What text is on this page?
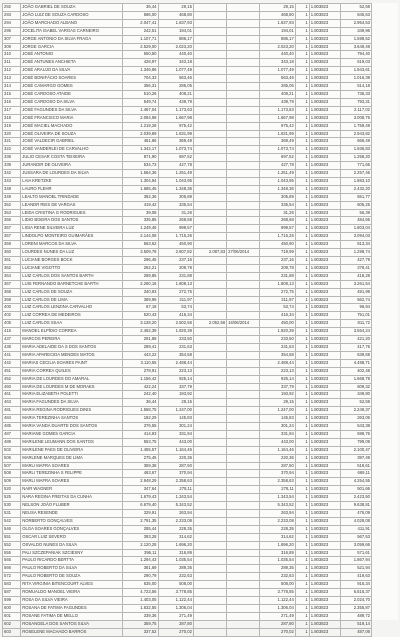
292	JOÃO GABRIEL DE SOUZA	36,44	29,15			29,15	1	1.803823	52,59
293	JOÃO LUIZ DE SOUZA CARDOSO	586,00	468,80			468,80	1	1.803823	845,63
294	JOÃO MARCHADO ALBANO	2.047,41	1.637,93			1.637,93	1	1.803823	2.954,53
295	JOCELITA ISABEL VARGAS CARNEIRO	242,51	194,01			194,01	1	1.803823	349,96
307	JORGE ANTONIO DA SILVA FRAGA	1.107,71	886,17			886,17	1	1.803823	1.598,52
309	JORGE GARCIA	2.529,00	2.023,20			2.023,20	1	1.803823	3.649,49
310	JOSÉ ANTONIO	550,50	440,40			440,40	1	1.803823	794,40
311	JOSÉ ANTUNES ANCHIETA	428,97	343,18			343,18	1	1.803823	619,03
312	JOSÉ ARAUJO DA SILVA	1.346,86	1.077,49			1.077,49	1	1.803823	1.943,61
313	JOSÉ BONIFÁCIO SOARES	704,33	563,46			563,46	1	1.803823	1.016,39
314	JOSÉ CAMARGO GOMES	356,31	285,05			285,05	1	1.803823	514,18
315	JOSÉ CARDOSO ATAIDE	510,26	408,21			408,21	1	1.803823	736,33
316	JOSÉ CARDOSO DA SILVA	549,74	439,79			439,79	1	1.803823	793,31
317	JOSÉ FAGUNDES DA SILVA	1.467,04	1.173,63			1.173,63	1	1.803823	2.117,02
318	JOSÉ FRANCISCO MARIA	2.084,98	1.667,98			1.667,98	1	1.803823	3.008,75
319	JOSÉ MACIEL MACHADO	1.219,28	975,42			975,42	1	1.803823	1.759,49
320	JOSÉ OLIVEIRA DE SOUZA	2.039,89	1.631,99			1.631,99	1	1.803823	2.943,82
321	JOSÉ VALDECIR GABRIEL	461,86	369,49			369,49	1	1.803823	666,49
322	JOSÉ VANDERLEI DE CARVALHO	1.342,17	1.073,74			1.073,74	1	1.803823	1.936,83
338	JULIO CESAR COSTA TEIXEIRA	871,90	697,52			697,52	1	1.803823	1.258,20
339	JURANDIR DE OLIVEIRA	534,73	427,78			427,78	1	1.803823	771,65
342	JUSSARA DE LOURDES DA SILVA	1.564,36	1.251,49			1.251,49	1	1.803823	2.257,46
343	LAIA KRETZKE	1.304,94	1.043,95			1.043,95	1	1.803823	1.883,10
348	LAURO FLEHR	1.685,45	1.348,36			1.348,36	1	1.803823	2.432,20
349	LEALTO MANOEL TRINDADE	382,36	305,89			305,89	1	1.803823	551,77
352	LEANDR REIS DE VARGAS	419,42	335,54			335,54	1	1.803823	605,25
353	LEIDA CRISTINA G RODRIGUES	39,08	31,26			31,26	1	1.803823	56,39
356	LIDIO BOEIRA DOS SANTOS	335,85	268,68			268,68	1	1.803823	484,65
357	LIGIA RENE SILVEIRA LUZ	1.249,46	999,57			999,57	1	1.803823	1.803,04
357	LINDOLPO MONTEIRO GUIMARÃES	2.144,08	1.715,26			1.715,26	1	1.803823	3.094,03
359	LORENI MARCOS DA SILVA	563,62	450,90			450,90	1	1.803823	813,34
360	LOURDES NUNES DA LUZ	3.509,78	2.807,82	2.087,83	27/06/2014	719,99	1	1.803823	1.298,74
361	LUCIANE BORGES BOCK	296,45	237,16			237,16	1	1.803823	427,79
362	LUCIANE VIGOTTO	262,21	209,78			209,78	1	1.803823	378,41
364	LUIZ CARLOS DOS SANTOS BARTH	289,85	231,88			231,88	1	1.803823	418,28
367	LUIS FERNANDO BARNETCHE BARTH	2.260,16	1.808,13			1.808,13	1	1.803823	3.261,54
368	LUIZ CARLOS DE SOUZA	340,93	272,75			272,75	1	1.803823	491,99
369	LUIZ CARLOS DE LIMA	389,96	311,97			311,97	1	1.803823	562,74
400	LUIZ CARLOS LENZINA CARVALHO	67,18	53,74			53,74	1	1.803823	96,94
402	LUIZ CORREA DE MEDEIROS	520,43	416,34			416,34	1	1.803823	751,01
405	LUIZ CARLOS SSAA	3.128,20	2.502,56	2.052,56	16/06/2014	450,00	1	1.803823	811,72
415	MANOEL ELPÍDIO CORREA	2.462,39	1.920,39			1.920,39	1	1.803823	3.554,24
437	MARCOS PEREIRA	291,88	233,50			233,50	1	1.803823	421,20
438	MARIA ADELAIDE DA S DOS SANTOS	289,41	231,53			231,53	1	1.803823	417,75
441	MARIA APARECIDA MENDES MATOS	443,22	354,58			354,58	1	1.803823	639,59
442	MARIAS CECILIA SOARES PAINT	3.110,55	2.488,44			2.488,44	1	1.803823	4.488,71
451	MARIA CORREA QUILES	278,91	223,13			223,13	1	1.803823	402,48
452	MARIA DE LOURDES DO AMARAL	1.156,42	925,14			925,14	1	1.803823	1.668,78
460	MARIA DE LOURDES M DE MORAES	422,24	337,79			337,79	1	1.803823	609,32
461	MARIA ELIZABETH POLETTI	242,40	193,92			193,92	1	1.803823	349,80
463	MARIA FAGUNDES DA SILVA	36,44	29,15			29,15	1	1.803823	52,59
481	MARIA REGINA RODRIGUES DINIS	1.558,75	1.247,00			1.247,00	1	1.803823	2.249,37
484	MARIA TEREZINHA SANTOS	182,29	145,83			145,83	1	1.803823	263,06
485	MARIA VANDA DUARTE DOS SANTOS	376,55	301,24			301,24	1	1.803823	543,38
487	MARIANE GOMES GARCIA	414,93	331,94			331,94	1	1.803823	598,76
489	MARILENE LEUMANN DOS SANTOS	553,75	443,00			443,00	1	1.803823	799,09
502	MARILENE PAES DE OLIVEIRA	1.455,57	1.164,46			1.164,46	1	1.803823	2.100,47
506	MARLENE MARQUES DE LIMA	275,45	220,36			220,36	1	1.803823	397,49
507	MARLI MAFRA SOARES	359,38	287,50			287,50	1	1.803823	518,61
508	MARLI TEREZINHA S FELIPPE	463,67	370,94			370,94	1	1.803823	669,11
509	MARLI MAFRA SOARES	2.948,29	2.358,63			2.358,63	1	1.803823	4.254,55
520	NAIR WAGNER	347,64	278,11			278,11	1	1.803823	501,66
525	NARA REGINA FREITAS DA CUNHA	1.679,43	1.343,54			1.343,54	1	1.803823	2.423,50
530	NELSON JOÃO FLUBER	6.679,40	5.343,52			5.343,52	1	1.803823	9.638,81
531	NEUSA RESENDE	329,91	263,94			263,94	1	1.803823	476,09
542	NORBERTO GONÇALVES	2.791,35	2.233,08			2.233,08	1	1.803823	4.028,08
546	OLGA SOARES GONÇALVES	285,44	228,35			228,35	1	1.803823	411,91
551	OSCAR LUIZ SEVERO	393,28	314,62			314,62	1	1.803823	567,53
552	OSVALDO NUNES DA SILVA	2.120,25	1.696,20			1.696,20	1	1.803823	3.059,66
555	PALI SZCZEPANIAK SZCIESNY	396,11	316,89			316,89	1	1.803823	571,61
565	PAULO RICARDO BERTTA	1.294,43	1.035,54			1.035,54	1	1.803823	1.867,94
566	PAULO ROBERTO DA SILVA	361,69	289,35			289,35	1	1.803823	521,94
572	PAULO ROBERTO DE SOUZA	290,79	232,63			232,63	1	1.803823	419,63
583	RITA VIRGINIA BITENCOURT ALVES	635,00	508,00			508,00	1	1.803823	916,34
587	ROMUALDO MANOEL VIEIRA	4.723,56	3.778,85			3.778,85	1	1.803823	6.816,37
599	ROSA DA SILVA VIEIRA	1.403,05	1.122,44			1.122,44	1	1.803823	2.024,70
600	ROSANA DE FATIMA FAGUNDES	1.632,55	1.306,04			1.306,04	1	1.803823	2.355,87
601	ROSANE FATIMA DE MELLO	339,36	271,49			271,49	1	1.803823	489,72
602	ROSANGELA DOS SANTOS SILVA	359,75	287,80			287,80	1	1.803823	519,14
603	ROSELENE MACHADO BARROS	337,52	270,02			270,02	1	1.803823	487,06
